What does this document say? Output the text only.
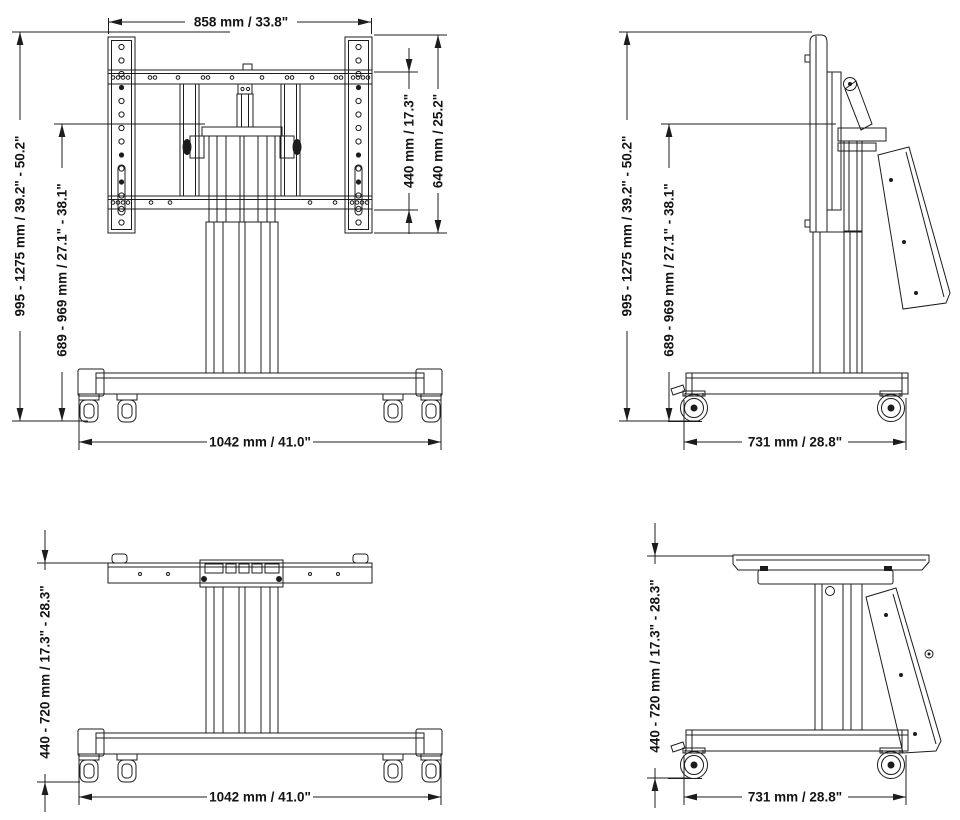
858 mm / 33.8"
440 mm / 17.3" 640 mm / 25.2"
995 - 1275 mm / 39.2" - 50.2" 689 - 969 mm / 27.1" - 38.1"
1042 mm / 41.0"
995 - 1275 mm / 39.2" - 50.2" 689 - 969 mm / 27.1" - 38.1"
731 mm / 28.8"
440 - 720 mm / 17.3" - 28.3"
1042 mm / 41.0"
440 - 720 mm / 17.3" - 28.3"
731 mm / 28.8"
